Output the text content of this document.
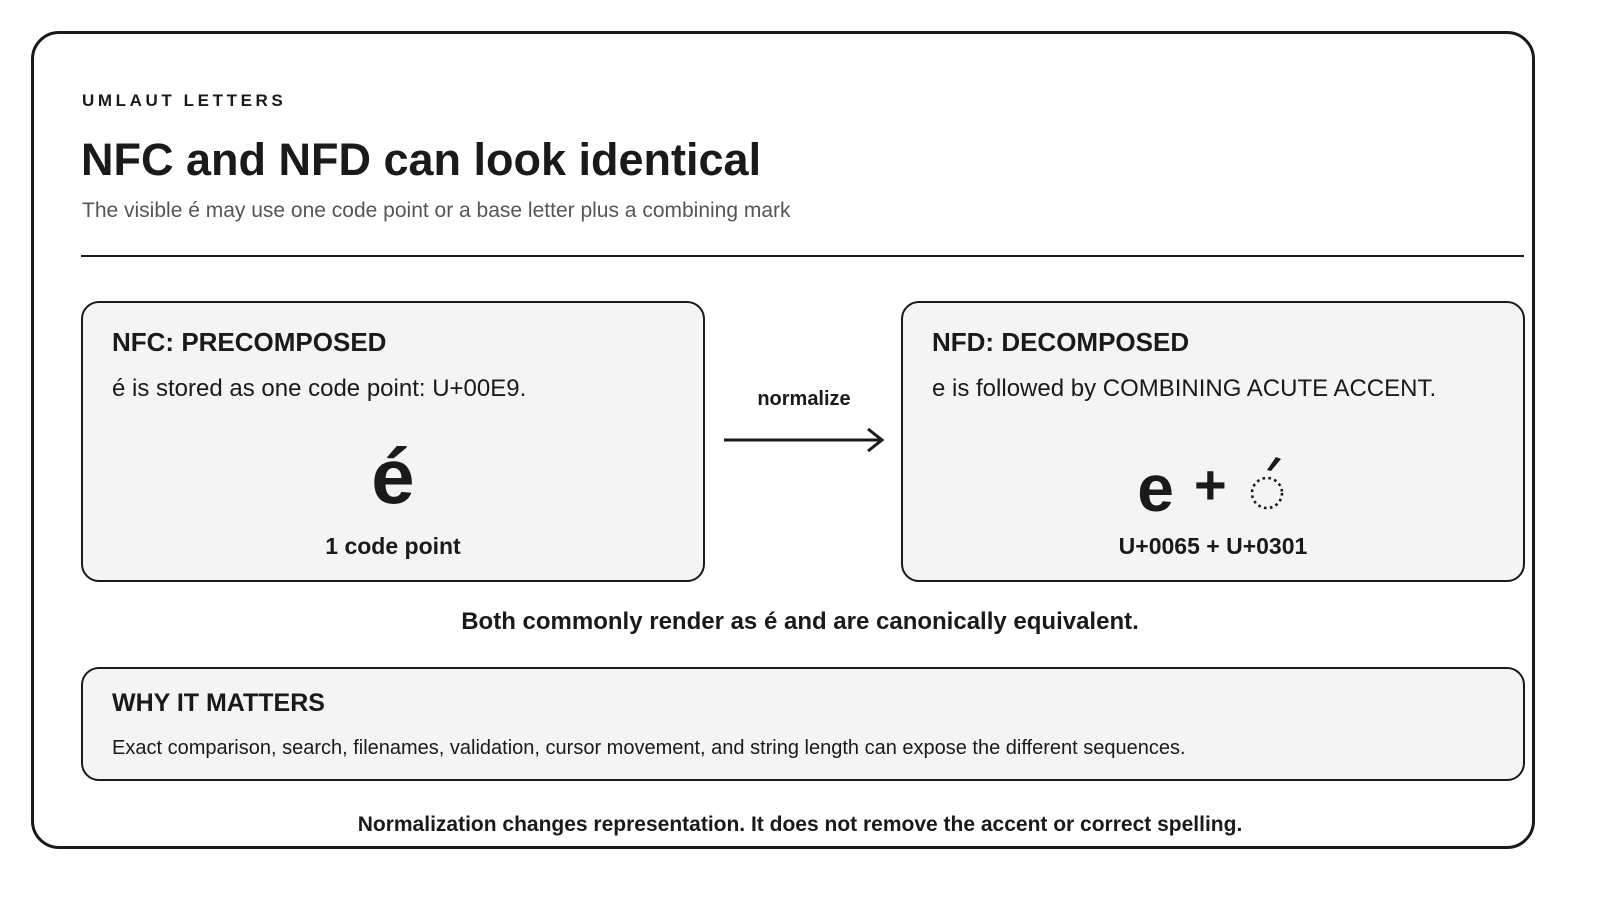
UMLAUT LETTERS

NFC and NFD can look identical

The visible é may use one code point or a base letter plus a combining mark

NFC: PRECOMPOSED

é is stored as one code point: U+00E9.

é

1 code point

normalize
NFD: DECOMPOSED

e is followed by COMBINING ACUTE ACCENT.

e +

U+0065 + U+0301

Both commonly render as é and are canonically equivalent.

WHY IT MATTERS

Exact comparison, search, filenames, validation, cursor movement, and string length can expose the different sequences.

Normalization changes representation. It does not remove the accent or correct spelling.
